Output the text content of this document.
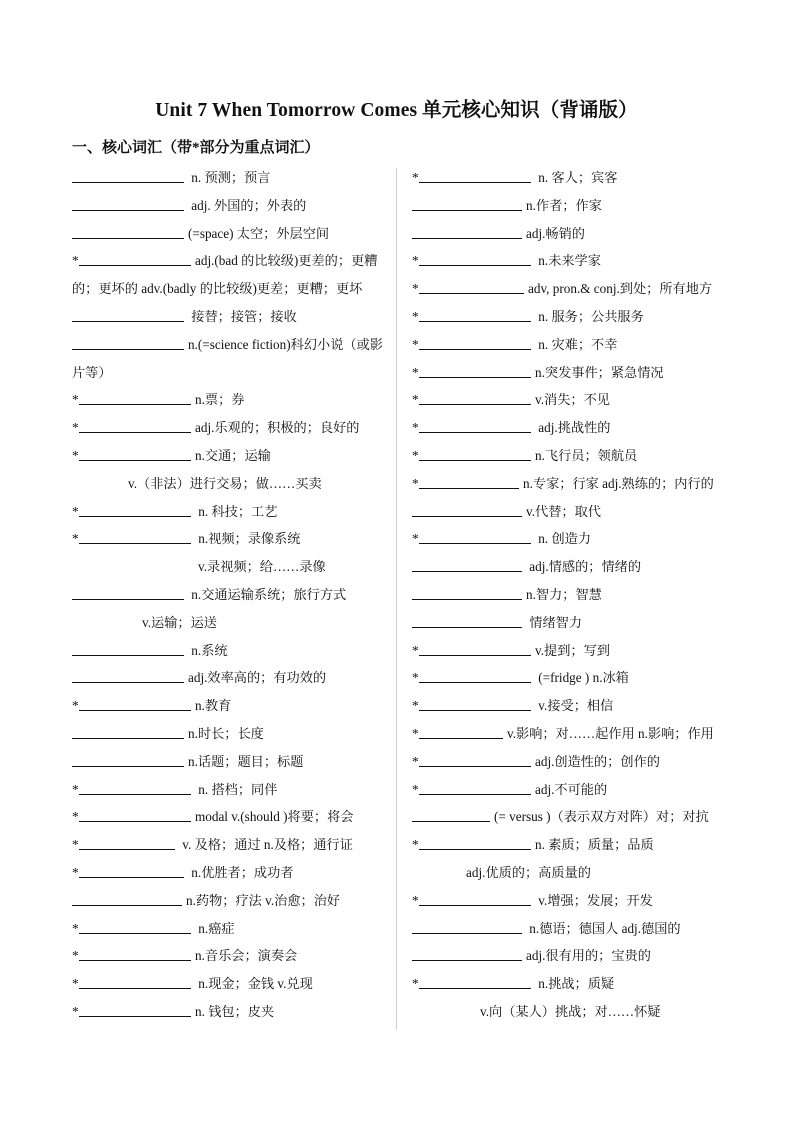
Unit 7 When Tomorrow Comes 单元核心知识（背诵版）
一、核心词汇（带*部分为重点词汇）
n. 预测；预言
adj. 外国的；外表的
(=space) 太空；外层空间
*	adj.(bad 的比较级)更差的；更糟的；更坏的 adv.(badly 的比较级)更差；更糟；更坏
接替；接管；接收
n.(=science fiction)科幻小说（或影片等）
*	n.票；券
*	adj.乐观的；积极的；良好的
*	n.交通；运输
v.（非法）进行交易；做……买卖
*	n. 科技；工艺
*	n.视频；录像系统
v.录视频；给……录像
n.交通运输系统；旅行方式
v.运输；运送
n.系统
adj.效率高的；有功效的
*	n.教育
n.时长；长度
n.话题；题目；标题
*	n. 搭档；同伴
*	modal v.(should )将要；将会
*	v. 及格；通过 n.及格；通行证
*	n.优胜者；成功者
n.药物；疗法 v.治愈；治好
*	n.癌症
*	n.音乐会；演奏会
*	n.现金；金钱 v.兑现
*	n. 钱包；皮夹
*	n. 客人；宾客
n.作者；作家
adj.畅销的
*	n.未来学家
*	adv, pron.& conj.到处；所有地方
*	n. 服务；公共服务
*	n. 灾难；不幸
*	n.突发事件；紧急情况
*	v.消失；不见
*	adj.挑战性的
*	n.飞行员；领航员
*	n.专家；行家 adj.熟练的；内行的
v.代替；取代
*	n. 创造力
adj.情感的；情绪的
n.智力；智慧
情绪智力
*	v.提到；写到
*	(=fridge ) n.冰箱
*	v.接受；相信
*	v.影响；对……起作用 n.影响；作用
*	adj.创造性的；创作的
*	adj.不可能的
(= versus )（表示双方对阵）对；对抗
*	n. 素质；质量；品质
adj.优质的；高质量的
*	v.增强；发展；开发
n.德语；德国人 adj.德国的
adj.很有用的；宝贵的
*	n.挑战；质疑
v.向（某人）挑战；对……怀疑
